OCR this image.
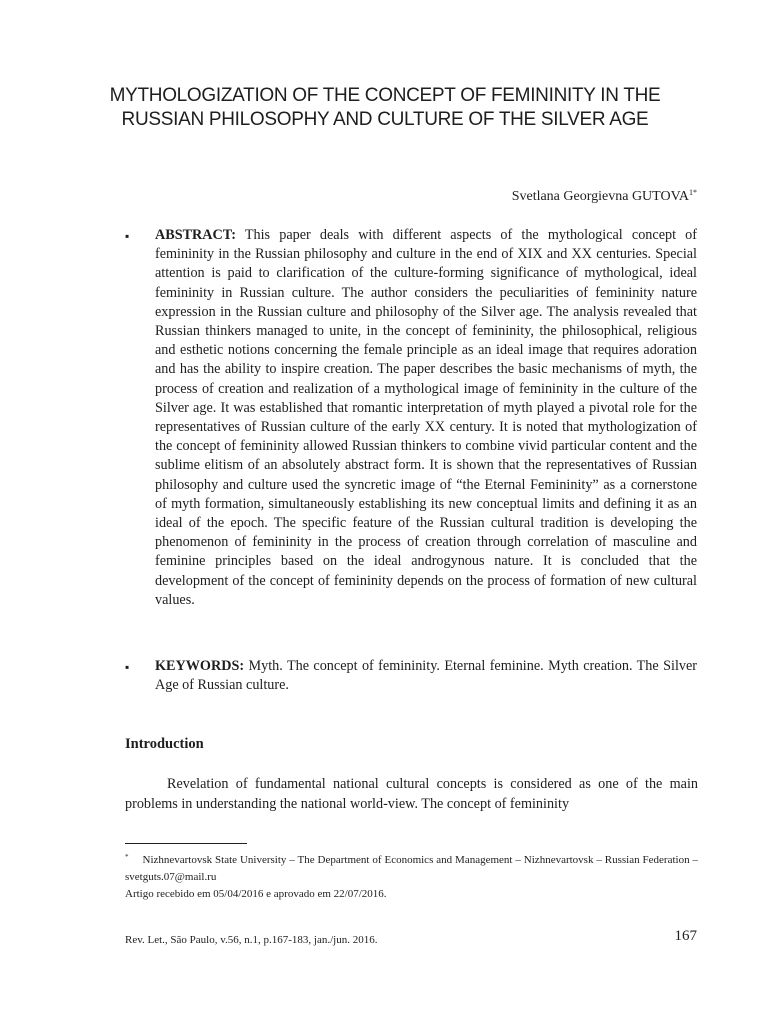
MYTHOLOGIZATION OF THE CONCEPT OF FEMININITY IN THE
RUSSIAN PHILOSOPHY AND CULTURE OF THE SILVER AGE
Svetlana Georgievna $GUTOVA^{1*}$
▪ ABSTRACT: This paper deals with different aspects of the mythological concept of femininity in the Russian philosophy and culture in the end of XIX and XX centuries. Special attention is paid to clarification of the culture-forming significance of mythological, ideal femininity in Russian culture. The author considers the peculiarities of femininity nature expression in the Russian culture and philosophy of the Silver age. The analysis revealed that Russian thinkers managed to unite, in the concept of femininity, the philosophical, religious and esthetic notions concerning the female principle as an ideal image that requires adoration and has the ability to inspire creation. The paper describes the basic mechanisms of myth, the process of creation and realization of a mythological image of femininity in the culture of the Silver age. It was established that romantic interpretation of myth played a pivotal role for the representatives of Russian culture of the early XX century. It is noted that mythologization of the concept of femininity allowed Russian thinkers to combine vivid particular content and the sublime elitism of an absolutely abstract form. It is shown that the representatives of Russian philosophy and culture used the syncretic image of “the Eternal Femininity” as a cornerstone of myth formation, simultaneously establishing its new conceptual limits and defining it as an ideal of the epoch. The specific feature of the Russian cultural tradition is developing the phenomenon of femininity in the process of creation through correlation of masculine and feminine principles based on the ideal androgynous nature. It is concluded that the development of the concept of femininity depends on the process of formation of new cultural values.
▪ KEYWORDS: Myth. The concept of femininity. Eternal feminine. Myth creation. The Silver Age of Russian culture.
Introduction
Revelation of fundamental national cultural concepts is considered as one of the main problems in understanding the national world-view. The concept of femininity
* Nizhnevartovsk State University – The Department of Economics and Management – Nizhnevartovsk – Russian Federation – svetguts.07@mail.ru
Artigo recebido em 05/04/2016 e aprovado em 22/07/2016.
Rev. Let., São Paulo, v.56, n.1, p.167-183, jan./jun. 2016.	167
